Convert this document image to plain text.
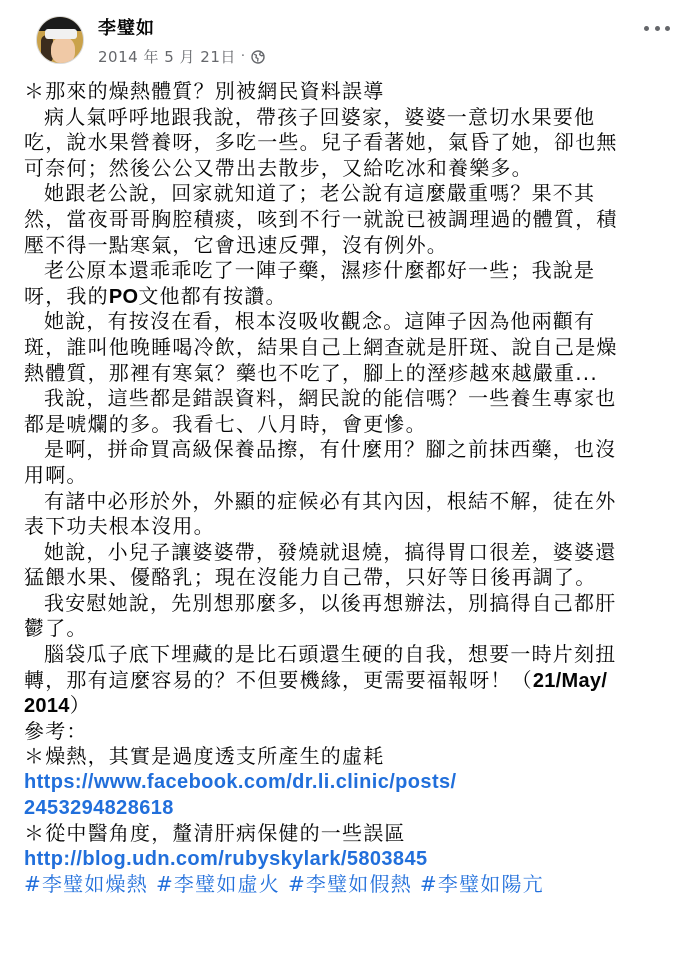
李璧如
2014 年 5 月 21日 ·
＊那來的燥熱體質？別被網民資料誤導
病人氣呼呼地跟我說，帶孩子回婆家，婆婆一意切水果要他
吃，說水果營養呀，多吃一些。兒子看著她，氣昏了她，卻也無
可奈何；然後公公又帶出去散步，又給吃冰和養樂多。
她跟老公說，回家就知道了；老公說有這麼嚴重嗎？果不其
然，當夜哥哥胸腔積痰，咳到不行一就說已被調理過的體質，積
壓不得一點寒氣，它會迅速反彈，沒有例外。
老公原本還乖乖吃了一陣子藥，濕疹什麼都好一些；我說是
呀，我的PO文他都有按讚。
她說，有按沒在看，根本沒吸收觀念。這陣子因為他兩顴有
斑，誰叫他晚睡喝冷飲，結果自己上網查就是肝斑、說自己是燥
熱體質，那裡有寒氣？藥也不吃了，腳上的溼疹越來越嚴重...
我說，這些都是錯誤資料，網民說的能信嗎？一些養生專家也
都是唬爛的多。我看七、八月時，會更慘。
是啊，拼命買高級保養品擦，有什麼用？腳之前抹西藥，也沒
用啊。
有諸中必形於外，外顯的症候必有其內因，根結不解，徒在外
表下功夫根本沒用。
她說，小兒子讓婆婆帶，發燒就退燒，搞得胃口很差，婆婆還
猛餵水果、優酪乳；現在沒能力自己帶，只好等日後再調了。
我安慰她說，先別想那麼多，以後再想辦法，別搞得自己都肝
鬱了。
腦袋瓜子底下埋藏的是比石頭還生硬的自我，想要一時片刻扭
轉，那有這麼容易的？不但要機緣，更需要福報呀！（21/May/
2014）
參考：
＊燥熱，其實是過度透支所產生的虛耗
https://www.facebook.com/dr.li.clinic/posts/
2453294828618
＊從中醫角度，釐清肝病保健的一些誤區
http://blog.udn.com/rubyskylark/5803845
#李璧如燥熱 #李璧如虛火 #李璧如假熱 #李璧如陽亢
